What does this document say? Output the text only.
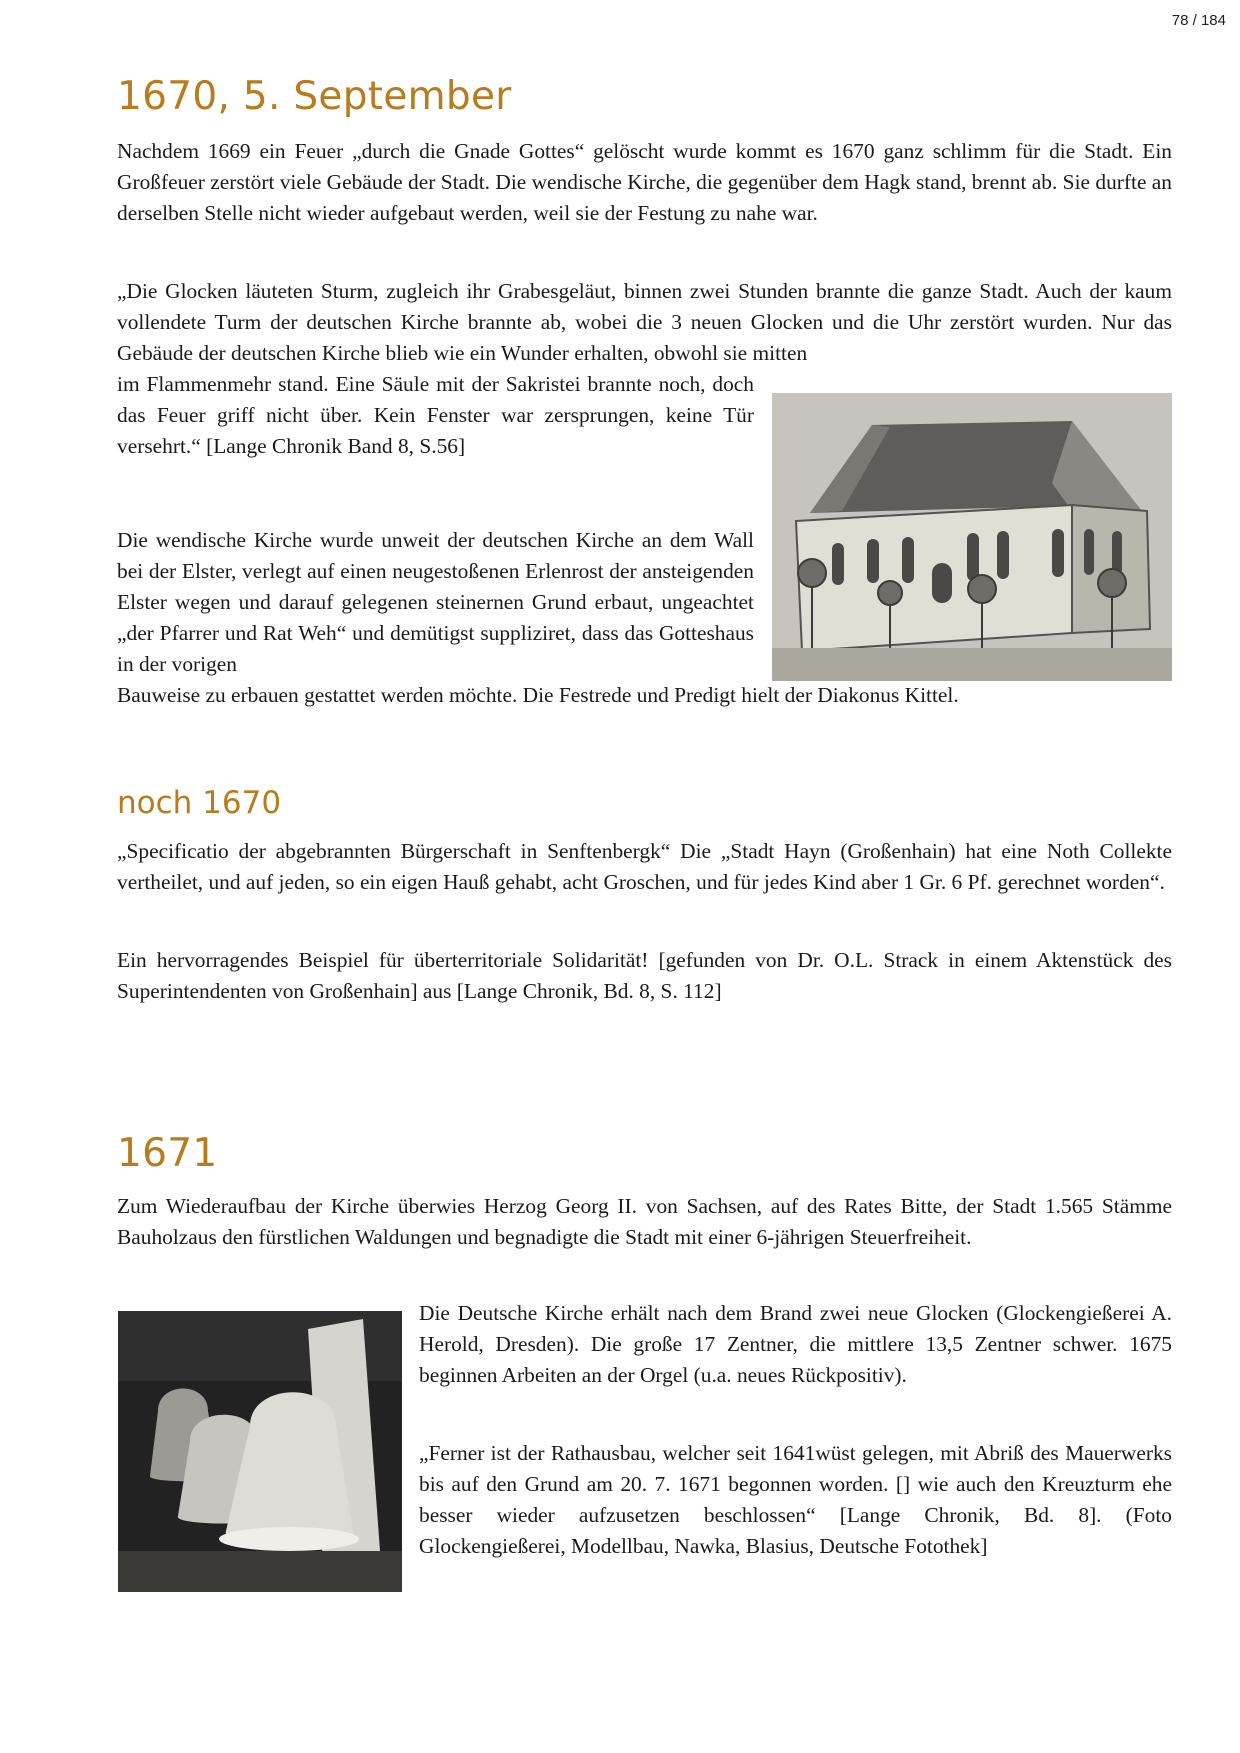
78 / 184
1670, 5. September

Nachdem 1669 ein Feuer „durch die Gnade Gottes“ gelöscht wurde kommt es 1670 ganz schlimm für die Stadt. Ein Großfeuer zerstört viele Gebäude der Stadt. Die wendische Kirche, die gegenüber dem Hagk stand, brennt ab. Sie durfte an derselben Stelle nicht wieder aufgebaut werden, weil sie der Festung zu nahe war.

„Die Glocken läuteten Sturm, zugleich ihr Grabesgeläut, binnen zwei Stunden brannte die ganze Stadt. Auch der kaum vollendete Turm der deutschen Kirche brannte ab, wobei die 3 neuen Glocken und die Uhr zerstört wurden. Nur das Gebäude der deutschen Kirche blieb wie ein Wunder erhalten, obwohl sie mitten

im Flammenmehr stand. Eine Säule mit der Sakristei brannte noch, doch das Feuer griff nicht über. Kein Fenster war zersprungen, keine Tür versehrt.“ [Lange Chronik Band 8, S.56]

Die wendische Kirche wurde unweit der deutschen Kirche an dem Wall bei der Elster, verlegt auf einen neugestoßenen Erlenrost der ansteigenden Elster wegen und darauf gelegenen steinernen Grund erbaut, ungeachtet „der Pfarrer und Rat Weh“ und demütigst suppliziret, dass das Gotteshaus in der vorigen

Bauweise zu erbauen gestattet werden möchte. Die Festrede und Predigt hielt der Diakonus Kittel.

noch 1670

„Specificatio der abgebrannten Bürgerschaft in Senftenbergk“ Die „Stadt Hayn (Großenhain) hat eine Noth Collekte vertheilet, und auf jeden, so ein eigen Hauß gehabt, acht Groschen, und für jedes Kind aber 1 Gr. 6 Pf. gerechnet worden“.

Ein hervorragendes Beispiel für überterritoriale Solidarität! [gefunden von Dr. O.L. Strack in einem Aktenstück des Superintendenten von Großenhain] aus [Lange Chronik, Bd. 8, S. 112]

1671

Zum Wiederaufbau der Kirche überwies Herzog Georg II. von Sachsen, auf des Rates Bitte, der Stadt 1.565 Stämme Bauholzaus den fürstlichen Waldungen und begnadigte die Stadt mit einer 6-jährigen Steuerfreiheit.

Die Deutsche Kirche erhält nach dem Brand zwei neue Glocken (Glockengießerei A. Herold, Dresden). Die große 17 Zentner, die mittlere 13,5 Zentner schwer. 1675 beginnen Arbeiten an der Orgel (u.a. neues Rückpositiv).

„Ferner ist der Rathausbau, welcher seit 1641wüst gelegen, mit Abriß des Mauerwerks bis auf den Grund am 20. 7. 1671 begonnen worden. [] wie auch den Kreuzturm ehe besser wieder aufzusetzen beschlossen“ [Lange Chronik, Bd. 8]. (Foto Glockengießerei, Modellbau, Nawka, Blasius, Deutsche Fotothek]
